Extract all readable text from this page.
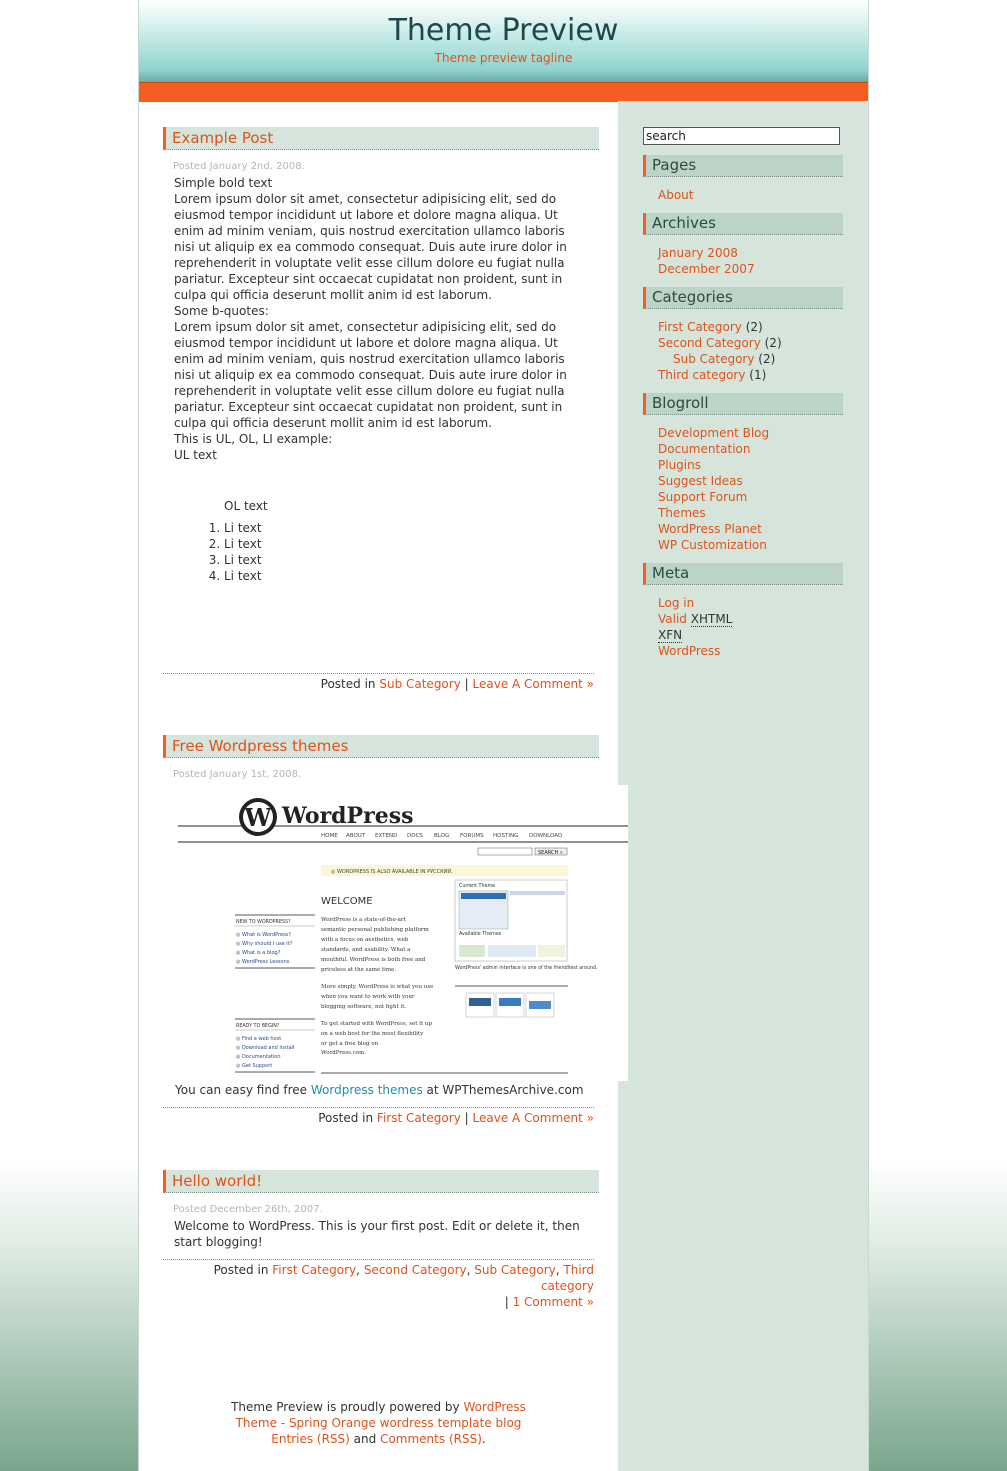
Theme Preview
Theme preview tagline
Example Post
Posted January 2nd, 2008.

Simple bold text

Lorem ipsum dolor sit amet, consectetur adipisicing elit, sed do eiusmod tempor incididunt ut labore et dolore magna aliqua. Ut enim ad minim veniam, quis nostrud exercitation ullamco laboris nisi ut aliquip ex ea commodo consequat. Duis aute irure dolor in reprehenderit in voluptate velit esse cillum dolore eu fugiat nulla pariatur. Excepteur sint occaecat cupidatat non proident, sunt in culpa qui officia deserunt mollit anim id est laborum.

Some b-quotes:

Lorem ipsum dolor sit amet, consectetur adipisicing elit, sed do eiusmod tempor incididunt ut labore et dolore magna aliqua. Ut enim ad minim veniam, quis nostrud exercitation ullamco laboris nisi ut aliquip ex ea commodo consequat. Duis aute irure dolor in reprehenderit in voluptate velit esse cillum dolore eu fugiat nulla pariatur. Excepteur sint occaecat cupidatat non proident, sunt in culpa qui officia deserunt mollit anim id est laborum.

This is UL, OL, LI example:

UL text

OL text

1. Li text
2. Li text
3. Li text
4. Li text
Posted in Sub Category | Leave A Comment »
Free Wordpress themes
Posted January 1st, 2008.
W WordPress
HOME ABOUT EXTEND DOCS BLOG FORUMS HOSTING DOWNLOAD
SEARCH »
◎ WORDPRESS IS ALSO AVAILABLE IN РУССКИЙ.
WELCOME
WordPress is a state-of-the-art
semantic personal publishing platform
with a focus on aesthetics, web
standards, and usability. What a
mouthful. WordPress is both free and
priceless at the same time.
More simply, WordPress is what you use
when you want to work with your
blogging software, not fight it.
To get started with WordPress, set it up
on a web host for the most flexibility
or get a free blog on
WordPress.com.
NEW TO WORDPRESS?
◎ What is WordPress?
◎ Why should I use it?
◎ What is a blog?
◎ WordPress Lessons
READY TO BEGIN?
◎ Find a web host
◎ Download and Install
◎ Documentation
◎ Get Support
Current Theme
Available Themes
WordPress' admin interface is one of the friendliest around.
You can easy find free Wordpress themes at WPThemesArchive.com
Posted in First Category | Leave A Comment »
Hello world!
Posted December 26th, 2007.
Welcome to WordPress. This is your first post. Edit or delete it, then start blogging!
Posted in First Category, Second Category, Sub Category, Third category
| 1 Comment »
search
Pages
About
Archives
January 2008
December 2007
Categories
First Category (2)
Second Category (2)
Sub Category (2)
Third category (1)
Blogroll
Development Blog
Documentation
Plugins
Suggest Ideas
Support Forum
Themes
WordPress Planet
WP Customization
Meta
Log in
Valid XHTML
XFN
WordPress
Theme Preview is proudly powered by WordPress
Theme - Spring Orange wordress template blog
Entries (RSS) and Comments (RSS).
